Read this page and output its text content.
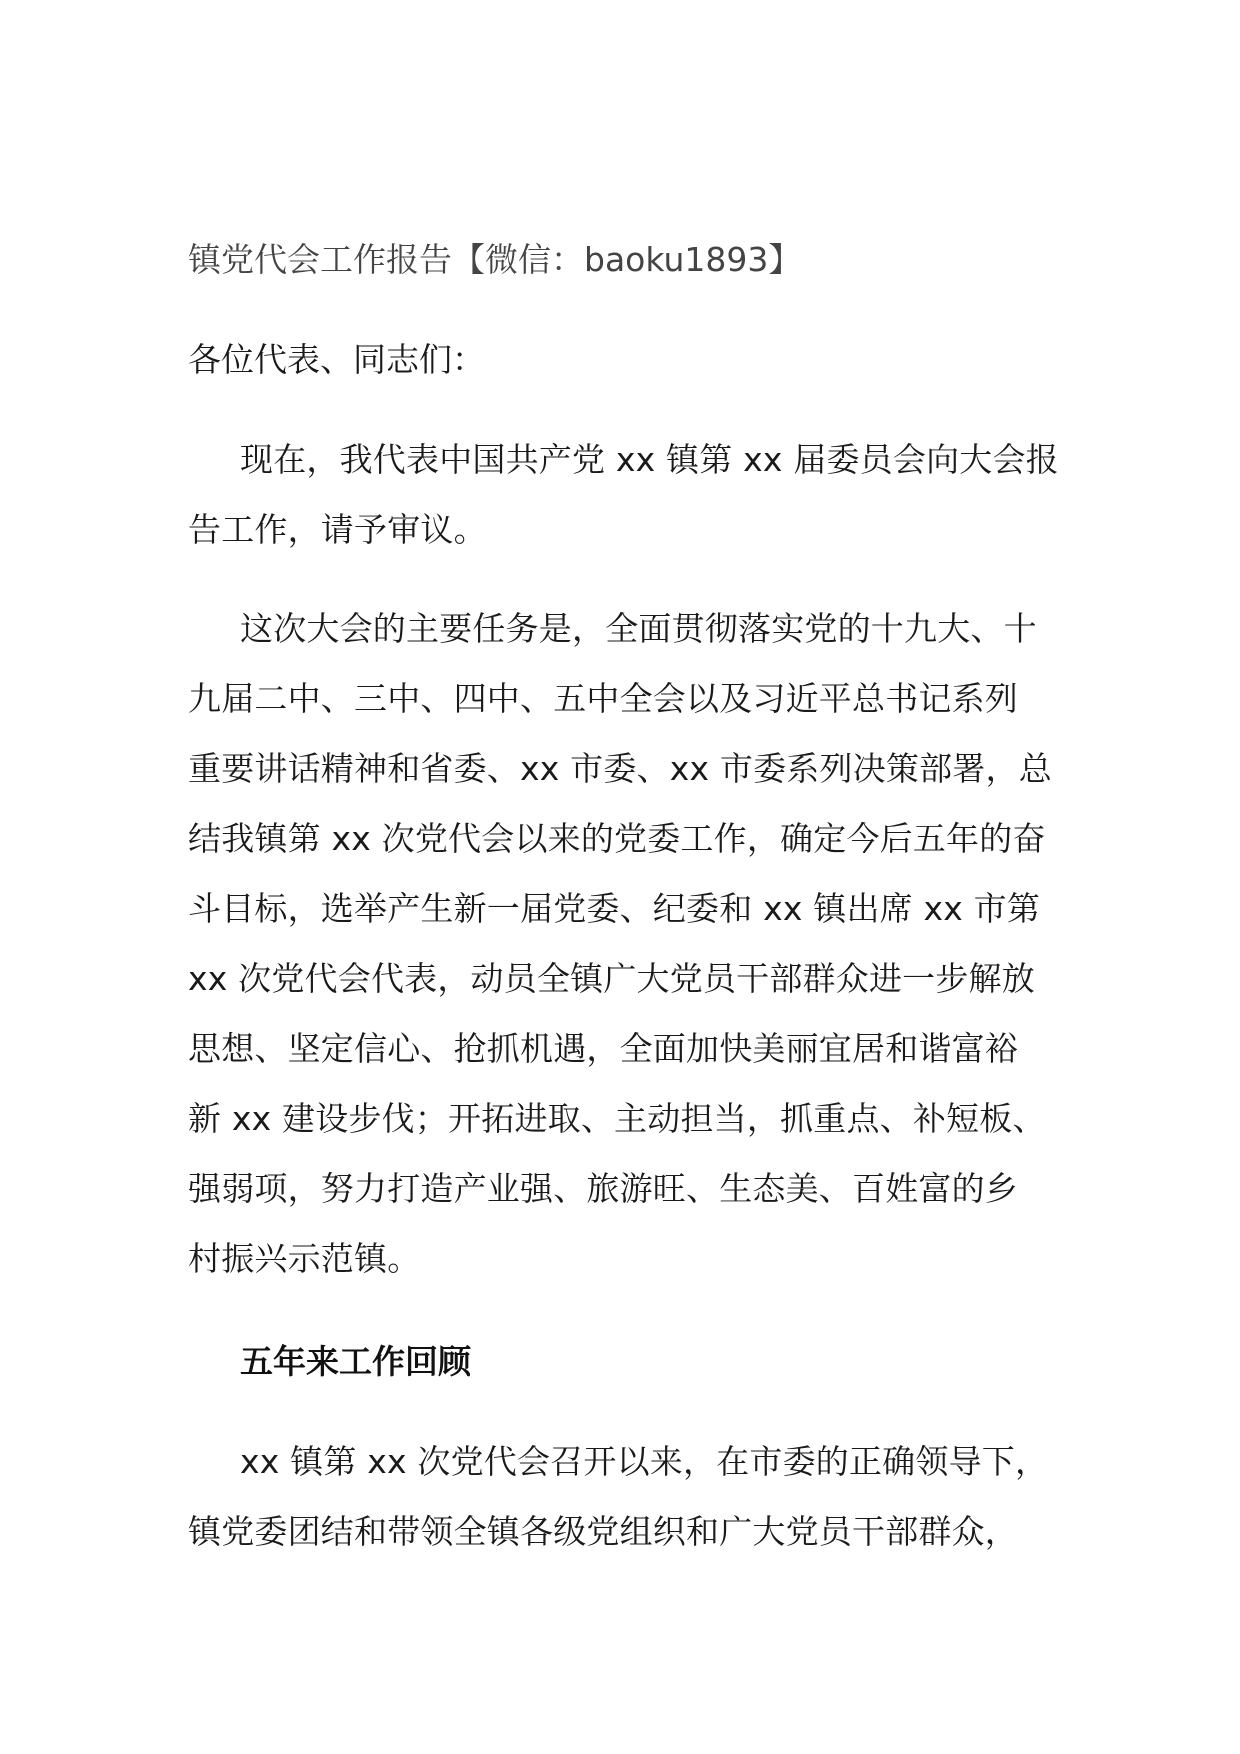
镇党代会工作报告【微信：baoku1893】

各位代表、同志们：

现在，我代表中国共产党 xx 镇第 xx 届委员会向大会报
告工作，请予审议。

这次大会的主要任务是，全面贯彻落实党的十九大、十
九届二中、三中、四中、五中全会以及习近平总书记系列
重要讲话精神和省委、xx 市委、xx 市委系列决策部署，总
结我镇第 xx 次党代会以来的党委工作，确定今后五年的奋
斗目标，选举产生新一届党委、纪委和 xx 镇出席 xx 市第
xx 次党代会代表，动员全镇广大党员干部群众进一步解放
思想、坚定信心、抢抓机遇，全面加快美丽宜居和谐富裕
新 xx 建设步伐；开拓进取、主动担当，抓重点、补短板、
强弱项，努力打造产业强、旅游旺、生态美、百姓富的乡
村振兴示范镇。

五年来工作回顾

xx 镇第 xx 次党代会召开以来，在市委的正确领导下，
镇党委团结和带领全镇各级党组织和广大党员干部群众，
